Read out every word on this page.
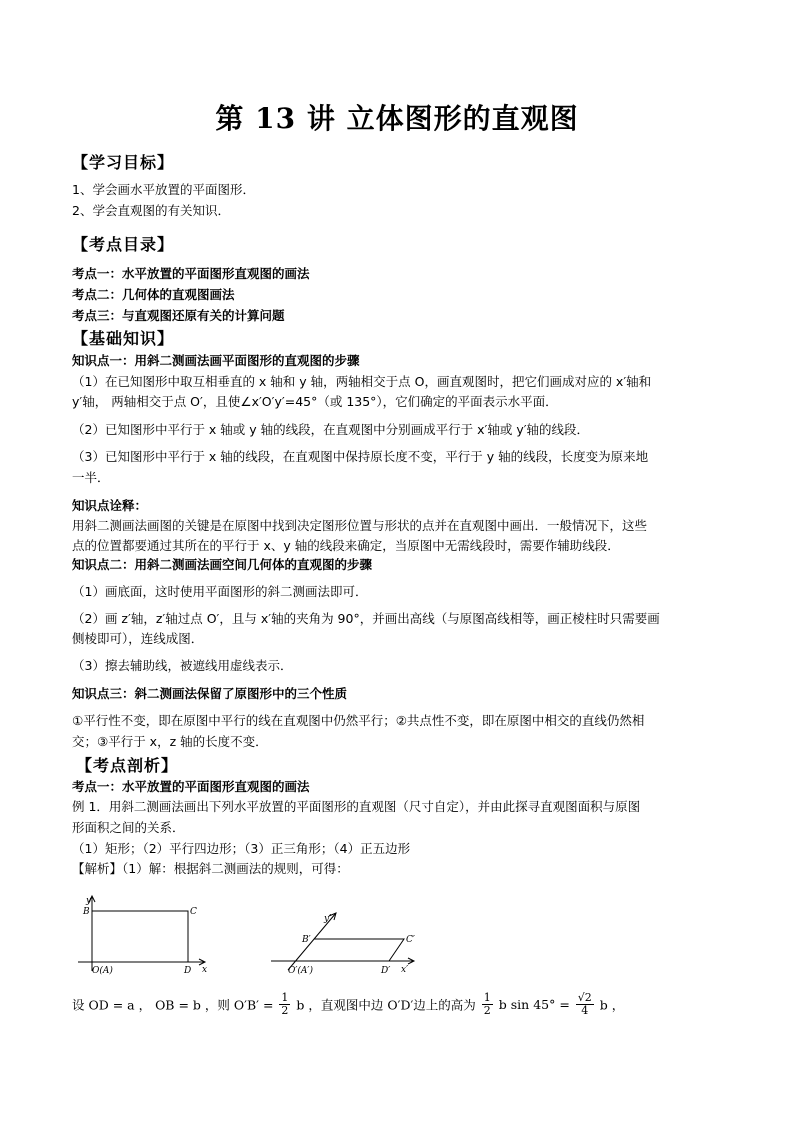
第 13 讲 立体图形的直观图
【学习目标】
1、学会画水平放置的平面图形．
2、学会直观图的有关知识．
【考点目录】
考点一：水平放置的平面图形直观图的画法
考点二：几何体的直观图画法
考点三：与直观图还原有关的计算问题
【基础知识】
知识点一：用斜二测画法画平面图形的直观图的步骤
（1）在已知图形中取互相垂直的 x 轴和 y 轴，两轴相交于点 O，画直观图时，把它们画成对应的 x′轴和
y′轴， 两轴相交于点 O′，且使∠x′O′y′=45°（或 135°），它们确定的平面表示水平面．
（2）已知图形中平行于 x 轴或 y 轴的线段，在直观图中分别画成平行于 x′轴或 y′轴的线段．
（3）已知图形中平行于 x 轴的线段，在直观图中保持原长度不变，平行于 y 轴的线段，长度变为原来地
一半．
知识点诠释：
用斜二测画法画图的关键是在原图中找到决定图形位置与形状的点并在直观图中画出．一般情况下，这些
点的位置都要通过其所在的平行于 x、y 轴的线段来确定，当原图中无需线段时，需要作辅助线段．
知识点二：用斜二测画法画空间几何体的直观图的步骤
（1）画底面，这时使用平面图形的斜二测画法即可．
（2）画 z′轴，z′轴过点 O′，且与 x′轴的夹角为 90°，并画出高线（与原图高线相等，画正棱柱时只需要画
侧棱即可），连线成图．
（3）擦去辅助线，被遮线用虚线表示．
知识点三：斜二测画法保留了原图形中的三个性质
①平行性不变，即在原图中平行的线在直观图中仍然平行；②共点性不变，即在原图中相交的直线仍然相
交；③平行于 x，z 轴的长度不变．
【考点剖析】
考点一：水平放置的平面图形直观图的画法
例 1．用斜二测画法画出下列水平放置的平面图形的直观图（尺寸自定），并由此探寻直观图面积与原图
形面积之间的关系．
（1）矩形；（2）平行四边形；（3）正三角形；（4）正五边形
【解析】（1）解：根据斜二测画法的规则，可得：
y
B	C
O(A)	D x
y′
B′	C′
O′(A′)	D′ x′
设 OD = a ， OB = b ，则 $O'B' = \frac{1}{2}$ b ，直观图中边 O′D′边上的高为 $\frac{1}{2}$ b $\sin 45^\circ = \frac{√2}{4}$ b ，
